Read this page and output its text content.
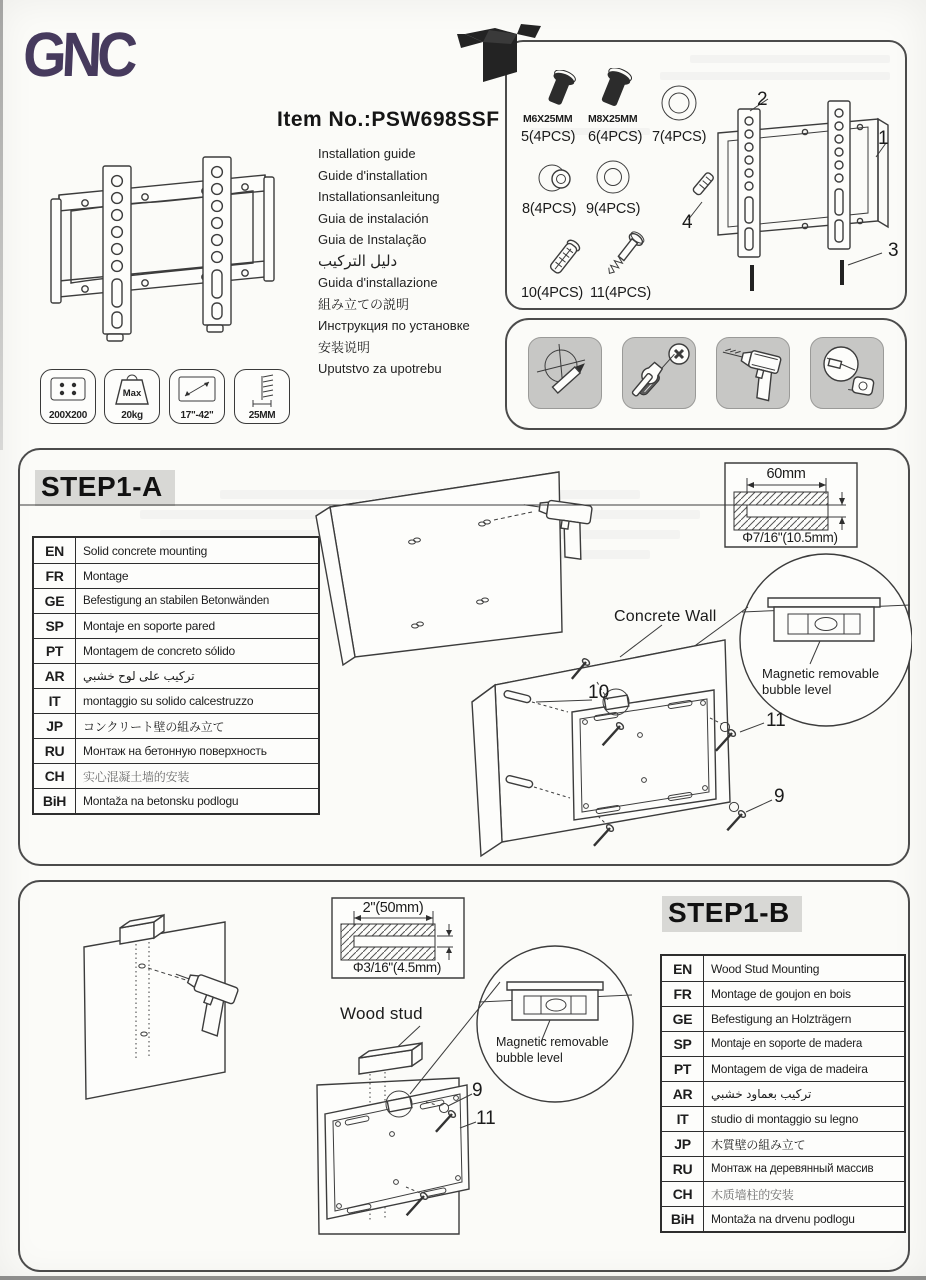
GNC
Item No.:PSW698SSF
Installation guide
Guide d'installation
Installationsanleitung
Guia de instalación
Guia de Instalação
دليل التركيب
Guida d'installazione
組み立ての説明
Инструкция по установке
安装说明
Uputstvo za upotrebu
200X200
Max
20kg	17"-42"	25MM
M6X25MM
5(4PCS)
M8X25MM
6(4PCS) 7(4PCS)
8(4PCS) 9(4PCS)
4
10(4PCS) 11(4PCS)
2
1
3
STEP1-A
EN	Solid concrete mounting
FR	Montage
GE	Befestigung an stabilen Betonwänden
SP	Montaje en soporte pared
PT	Montagem de concreto sólido
AR	تركيب على لوح خشبي
IT	montaggio su solido calcestruzzo
JP	コンクリート壁の組み立て
RU	Монтаж на бетонную поверхность
CH	实心混凝土墙的安装
BiH	Montaža na betonsku podlogu
60mm
Φ7/16"(10.5mm)
Concrete Wall
Magnetic removable
bubble level
10
11
9
STEP1-B
EN	Wood Stud Mounting
FR	Montage de goujon en bois
GE	Befestigung an Holzträgern
SP	Montaje en soporte de madera
PT	Montagem de viga de madeira
AR	تركيب بعماود خشبي
IT	studio di montaggio su legno
JP	木質壁の組み立て
RU	Монтаж на деревянный массив
CH	木质墙柱的安装
BiH	Montaža na drvenu podlogu
2"(50mm)
Φ3/16"(4.5mm)
Wood stud
Magnetic removable
bubble level
9
11
